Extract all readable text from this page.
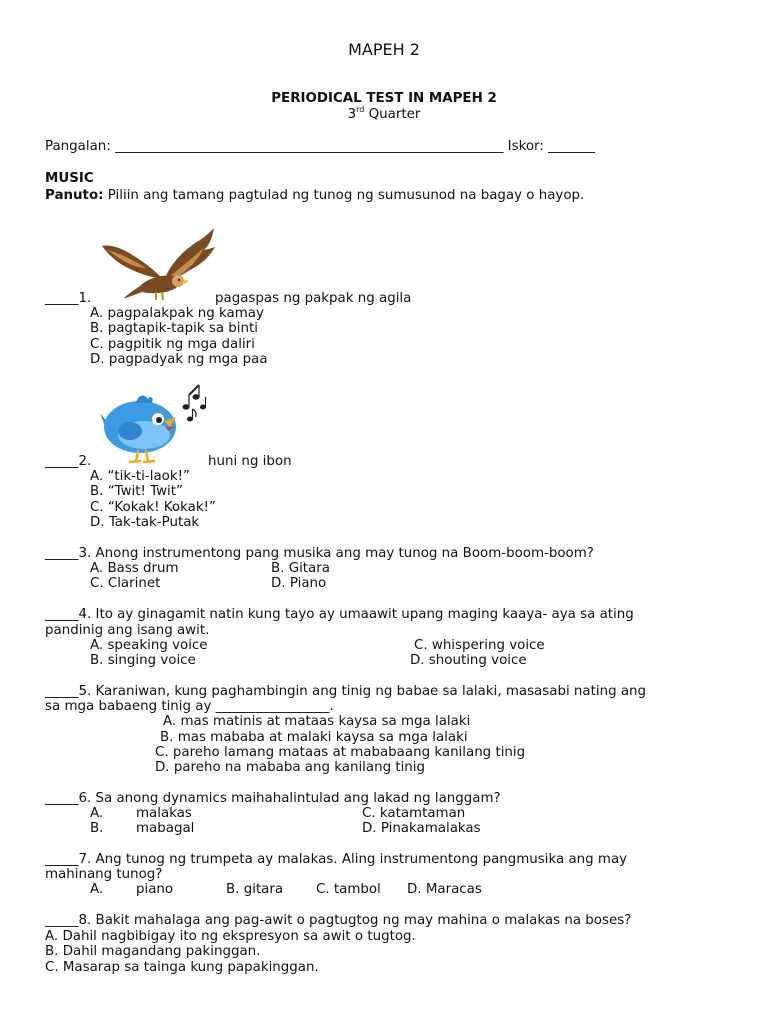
MAPEH 2
PERIODICAL TEST IN MAPEH 2
3rd Quarter
Pangalan: __________________________________________________________ Iskor: _______
MUSIC
Panuto: Piliin ang tamang pagtulad ng tunog ng sumusunod na bagay o hayop.
_____1.	pagaspas ng pakpak ng agila
A. pagpalakpak ng kamay
B. pagtapik-tapik sa binti
C. pagpitik ng mga daliri
D. pagpadyak ng mga paa
_____2.	huni ng ibon
A. “tik-ti-laok!”
B. “Twit! Twit”
C. “Kokak! Kokak!”
D. Tak-tak-Putak
_____3. Anong instrumentong pang musika ang may tunog na Boom-boom-boom?
A. Bass drum	B. Gitara
C. Clarinet	D. Piano
_____4. Ito ay ginagamit natin kung tayo ay umaawit upang maging kaaya- aya sa ating
pandinig ang isang awit.
A. speaking voice	C. whispering voice
B. singing voice	D. shouting voice
_____5. Karaniwan, kung paghambingin ang tinig ng babae sa lalaki, masasabi nating ang
sa mga babaeng tinig ay _________________.
A. mas matinis at mataas kaysa sa mga lalaki
B. mas mababa at malaki kaysa sa mga lalaki
C. pareho lamang mataas at mababaang kanilang tinig
D. pareho na mababa ang kanilang tinig
_____6. Sa anong dynamics maihahalintulad ang lakad ng langgam?
A. malakas	C. katamtaman
B. mabagal	D. Pinakamalakas
_____7. Ang tunog ng trumpeta ay malakas. Aling instrumentong pangmusika ang may
mahinang tunog?
A. piano	B. gitara C. tambol D. Maracas
_____8. Bakit mahalaga ang pag-awit o pagtugtog ng may mahina o malakas na boses?
A. Dahil nagbibigay ito ng ekspresyon sa awit o tugtog.
B. Dahil magandang pakinggan.
C. Masarap sa tainga kung papakinggan.
